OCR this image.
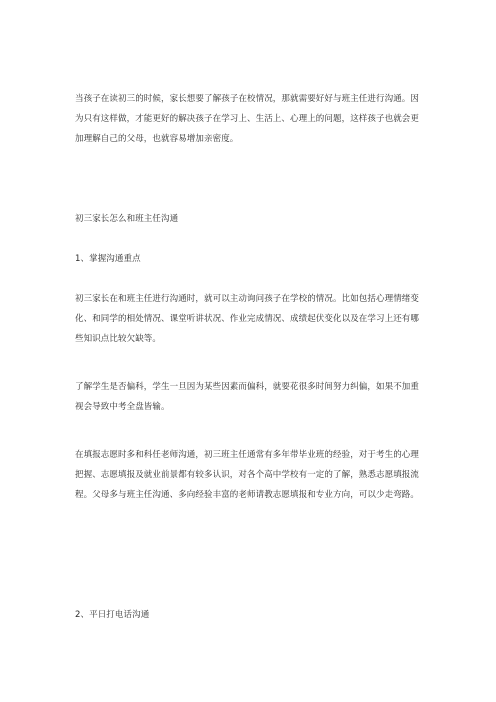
当孩子在读初三的时候，家长想要了解孩子在校情况，那就需要好好与班主任进行沟通。因为只有这样做，才能更好的解决孩子在学习上、生活上、心理上的问题，这样孩子也就会更加理解自己的父母，也就容易增加亲密度。

初三家长怎么和班主任沟通

1、掌握沟通重点

初三家长在和班主任进行沟通时，就可以主动询问孩子在学校的情况。比如包括心理情绪变化、和同学的相处情况、课堂听讲状况、作业完成情况、成绩起伏变化以及在学习上还有哪些知识点比较欠缺等。

了解学生是否偏科，学生一旦因为某些因素而偏科，就要花很多时间努力纠偏，如果不加重视会导致中考全盘皆输。

在填报志愿时多和科任老师沟通，初三班主任通常有多年带毕业班的经验，对于考生的心理把握、志愿填报及就业前景都有较多认识，对各个高中学校有一定的了解，熟悉志愿填报流程。父母多与班主任沟通、多向经验丰富的老师请教志愿填报和专业方向，可以少走弯路。

2、平日打电话沟通
